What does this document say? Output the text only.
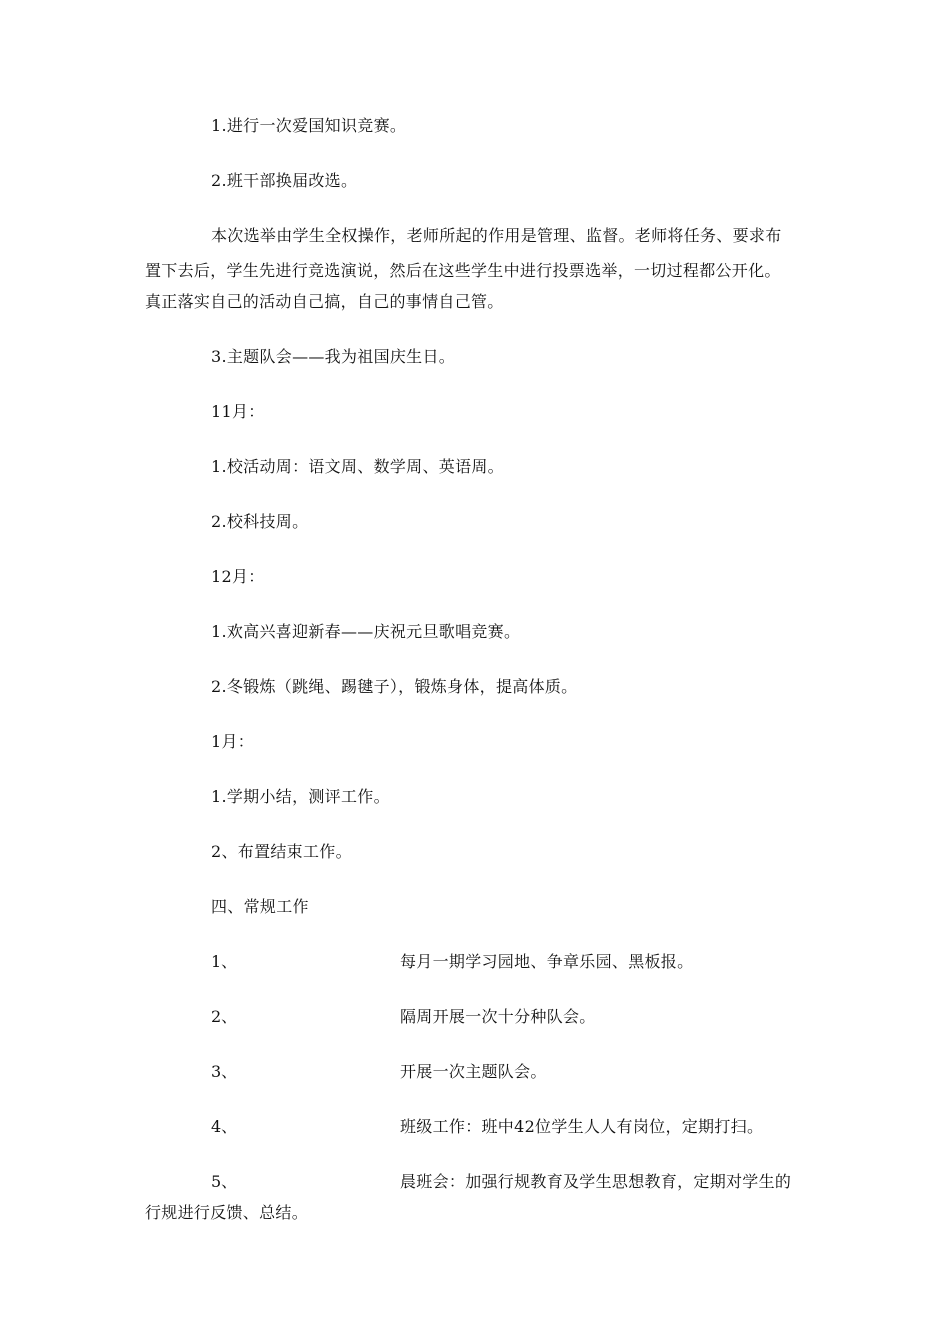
1.进行一次爱国知识竞赛。
2.班干部换届改选。
本次选举由学生全权操作，老师所起的作用是管理、监督。老师将任务、要求布
置下去后，学生先进行竞选演说，然后在这些学生中进行投票选举，一切过程都公开化。
真正落实自己的活动自己搞，自己的事情自己管。
3.主题队会——我为祖国庆生日。
11月：
1.校活动周：语文周、数学周、英语周。
2.校科技周。
12月：
1.欢高兴喜迎新春——庆祝元旦歌唱竞赛。
2.冬锻炼（跳绳、踢毽子），锻炼身体，提高体质。
1月：
1.学期小结，测评工作。
2、布置结束工作。
四、常规工作
1、	每月一期学习园地、争章乐园、黑板报。
2、	隔周开展一次十分种队会。
3、	开展一次主题队会。
4、	班级工作：班中42位学生人人有岗位，定期打扫。
5、	晨班会：加强行规教育及学生思想教育，定期对学生的
行规进行反馈、总结。
